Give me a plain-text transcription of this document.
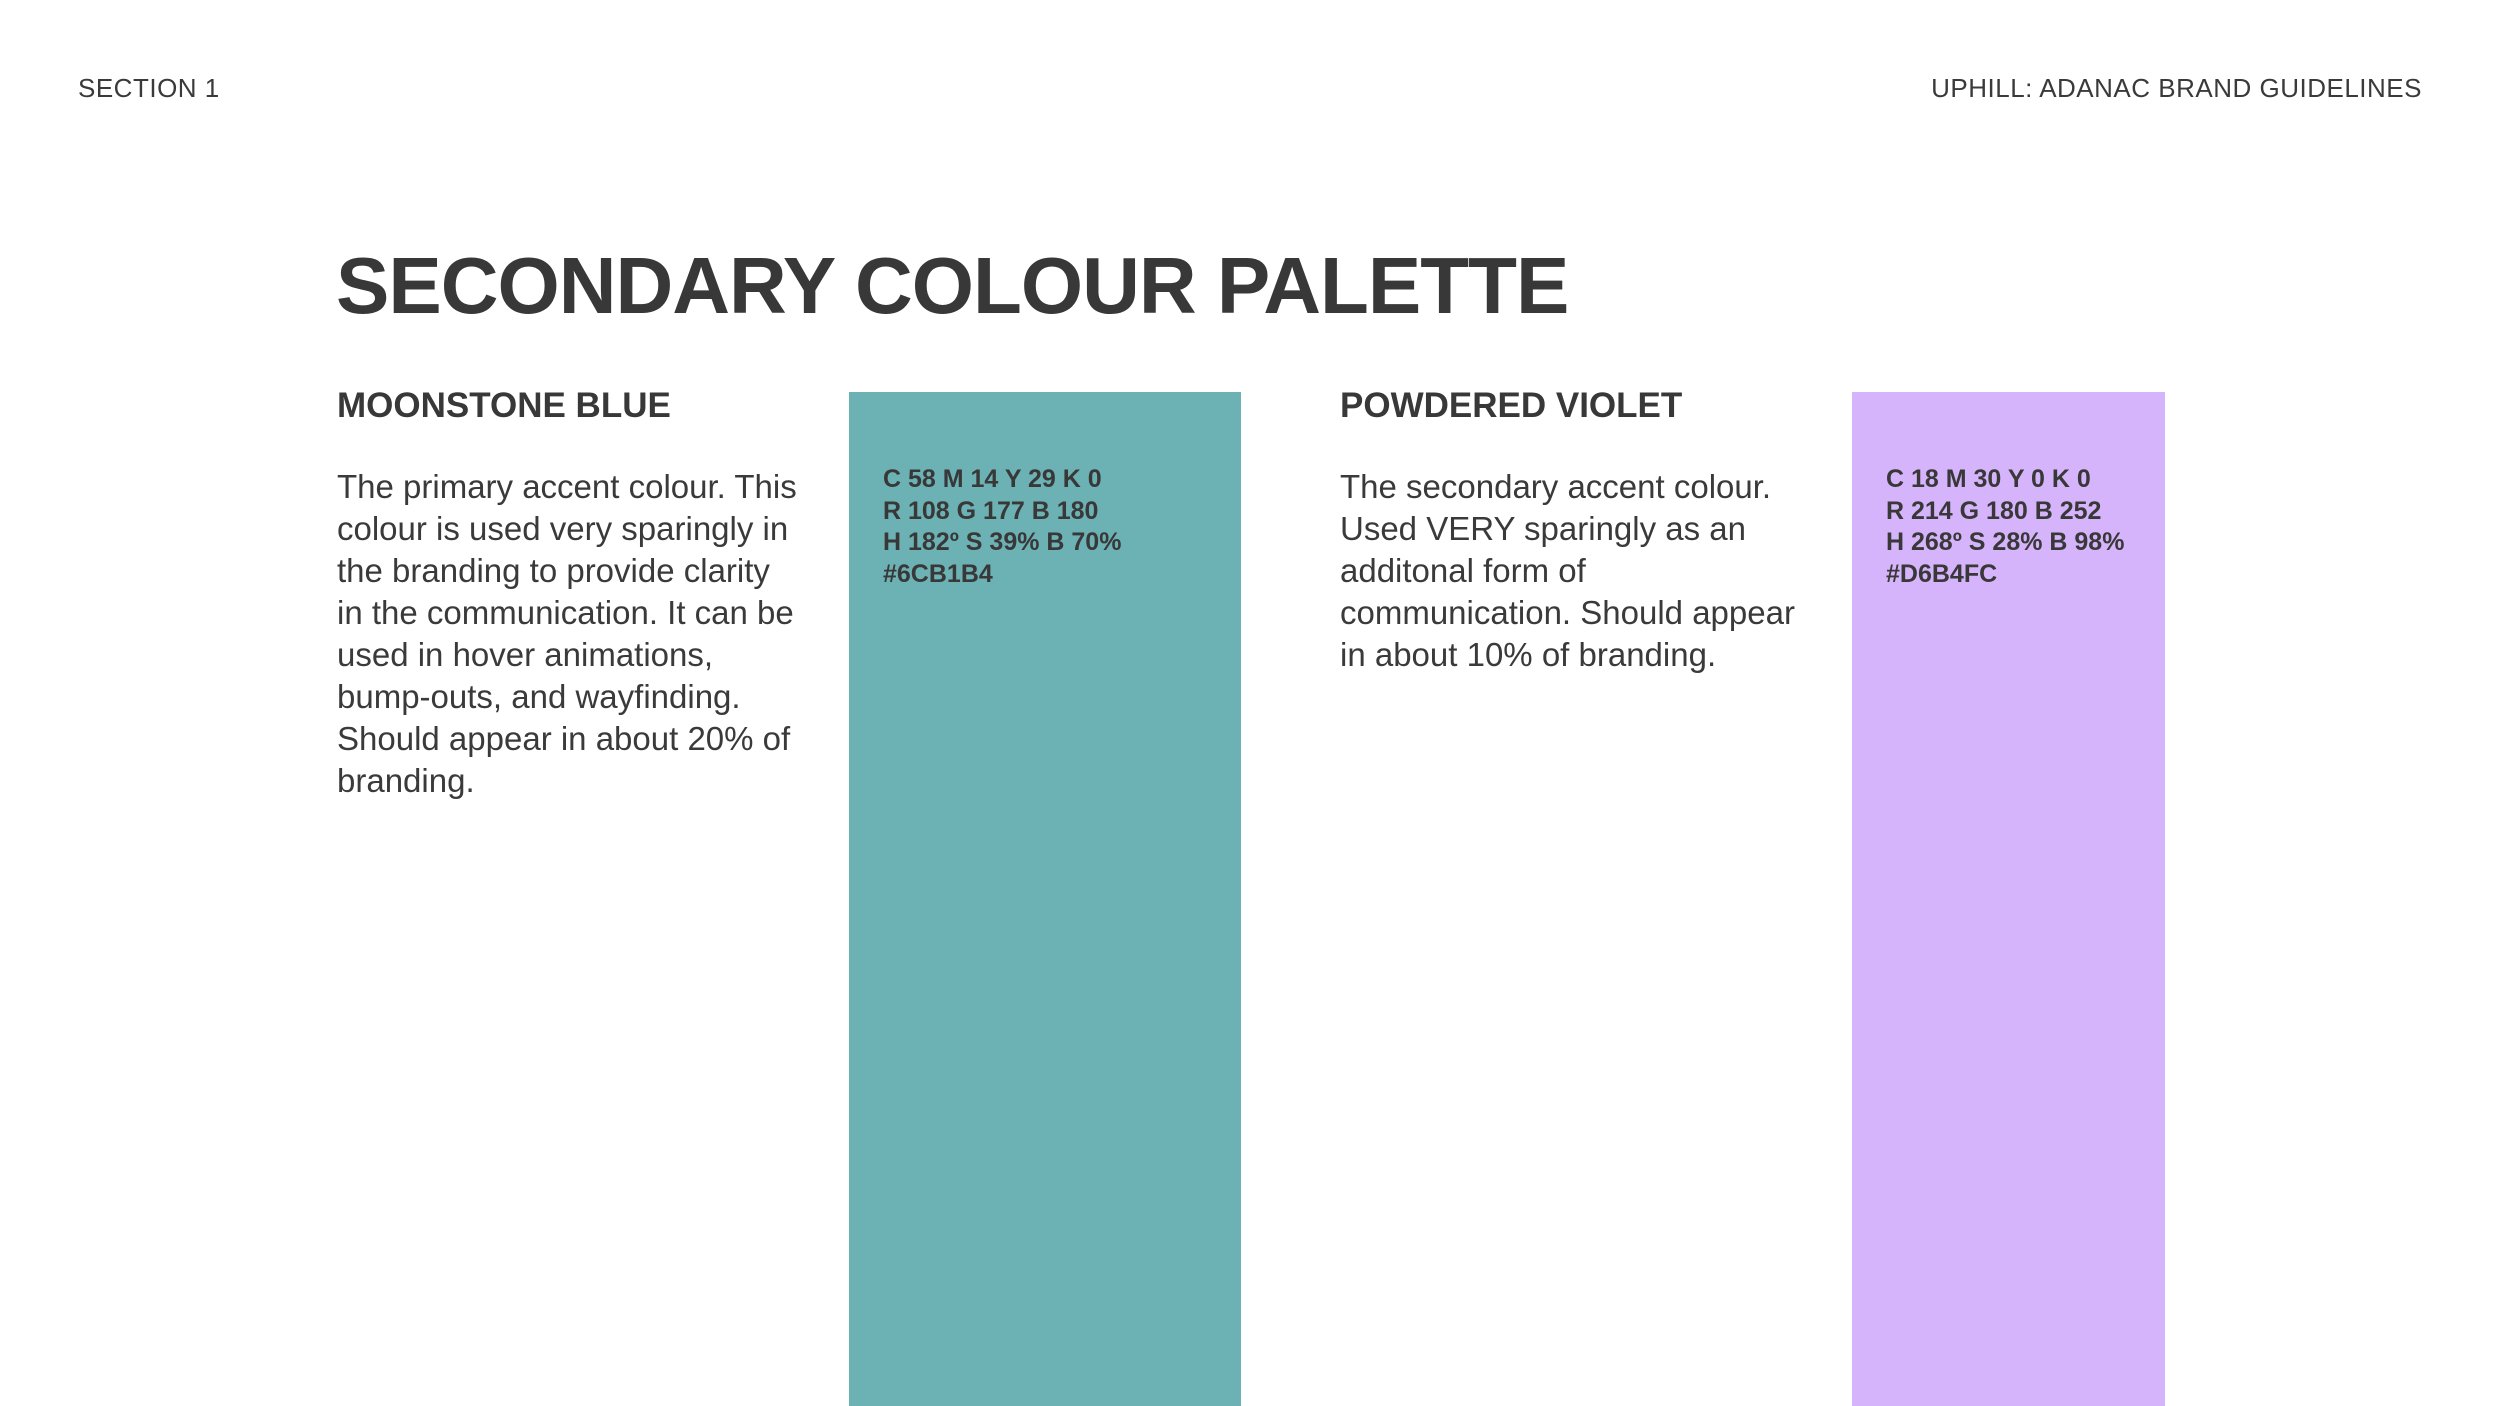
SECTION 1	UPHILL: ADANAC BRAND GUIDELINES
SECONDARY COLOUR PALETTE
MOONSTONE BLUE

The primary accent colour. This colour is used very sparingly in the branding to provide clarity in the communication. It can be used in hover animations, bump-outs, and wayfinding. Should appear in about 20% of branding.

C 58 M 14 Y 29 K 0
R 108 G 177 B 180
H 182º S 39% B 70%
#6CB1B4
POWDERED VIOLET

The secondary accent colour. Used VERY sparingly as an additonal form of communication. Should appear in about 10% of branding.

C 18 M 30 Y 0 K 0
R 214 G 180 B 252
H 268º S 28% B 98%
#D6B4FC
